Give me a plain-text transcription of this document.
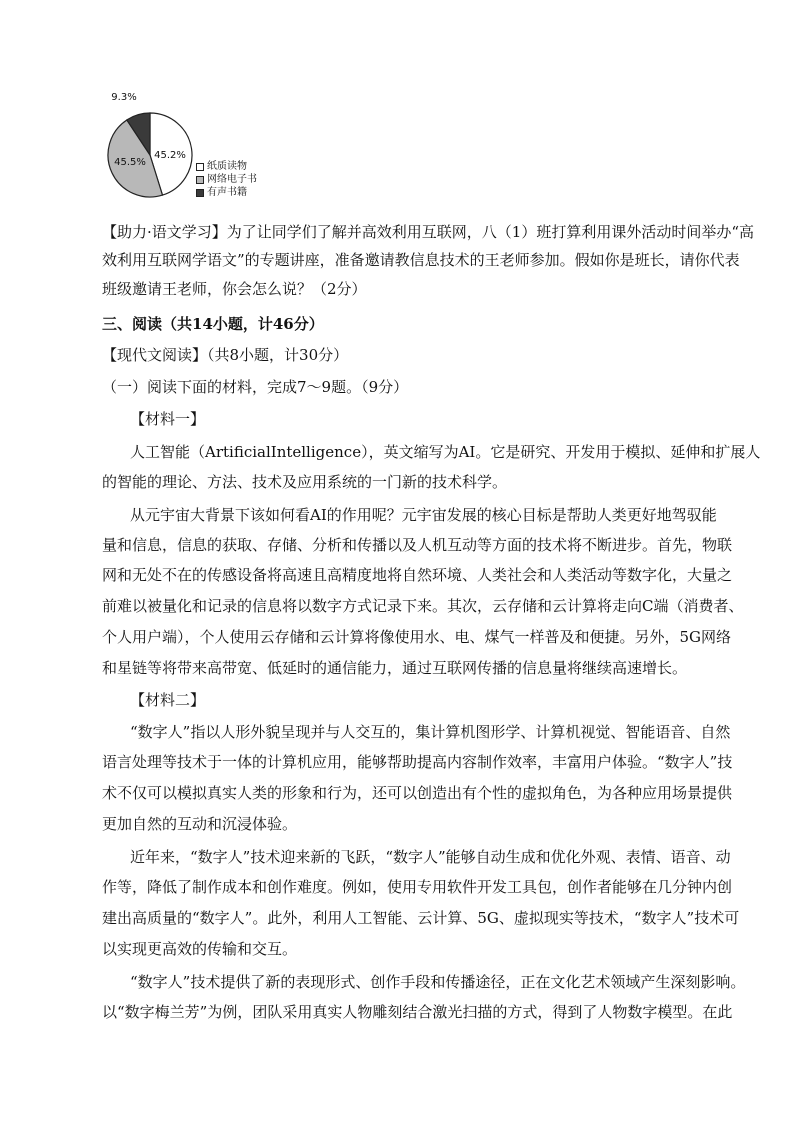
45.2%
45.5%
9.3%
纸质读物
网络电子书
有声书籍
【助力·语文学习】为了让同学们了解并高效利用互联网，八（1）班打算利用课外活动时间举办“高
效利用互联网学语文”的专题讲座，准备邀请教信息技术的王老师参加。假如你是班长，请你代表
班级邀请王老师，你会怎么说？（2分）
三、阅读（共14小题，计46分）
【现代文阅读】（共8小题，计30分）
（一）阅读下面的材料，完成7～9题。（9分）
【材料一】
人工智能（ArtificialIntelligence），英文缩写为AI。它是研究、开发用于模拟、延伸和扩展人
的智能的理论、方法、技术及应用系统的一门新的技术科学。
从元宇宙大背景下该如何看AI的作用呢？元宇宙发展的核心目标是帮助人类更好地驾驭能
量和信息，信息的获取、存储、分析和传播以及人机互动等方面的技术将不断进步。首先，物联
网和无处不在的传感设备将高速且高精度地将自然环境、人类社会和人类活动等数字化，大量之
前难以被量化和记录的信息将以数字方式记录下来。其次，云存储和云计算将走向C端（消费者、
个人用户端），个人使用云存储和云计算将像使用水、电、煤气一样普及和便捷。另外，5G网络
和星链等将带来高带宽、低延时的通信能力，通过互联网传播的信息量将继续高速增长。
【材料二】
“数字人”指以人形外貌呈现并与人交互的，集计算机图形学、计算机视觉、智能语音、自然
语言处理等技术于一体的计算机应用，能够帮助提高内容制作效率，丰富用户体验。“数字人”技
术不仅可以模拟真实人类的形象和行为，还可以创造出有个性的虚拟角色，为各种应用场景提供
更加自然的互动和沉浸体验。
近年来，“数字人”技术迎来新的飞跃，“数字人”能够自动生成和优化外观、表情、语音、动
作等，降低了制作成本和创作难度。例如，使用专用软件开发工具包，创作者能够在几分钟内创
建出高质量的“数字人”。此外，利用人工智能、云计算、5G、虚拟现实等技术，“数字人”技术可
以实现更高效的传输和交互。
“数字人”技术提供了新的表现形式、创作手段和传播途径，正在文化艺术领域产生深刻影响。
以“数字梅兰芳”为例，团队采用真实人物雕刻结合激光扫描的方式，得到了人物数字模型。在此
